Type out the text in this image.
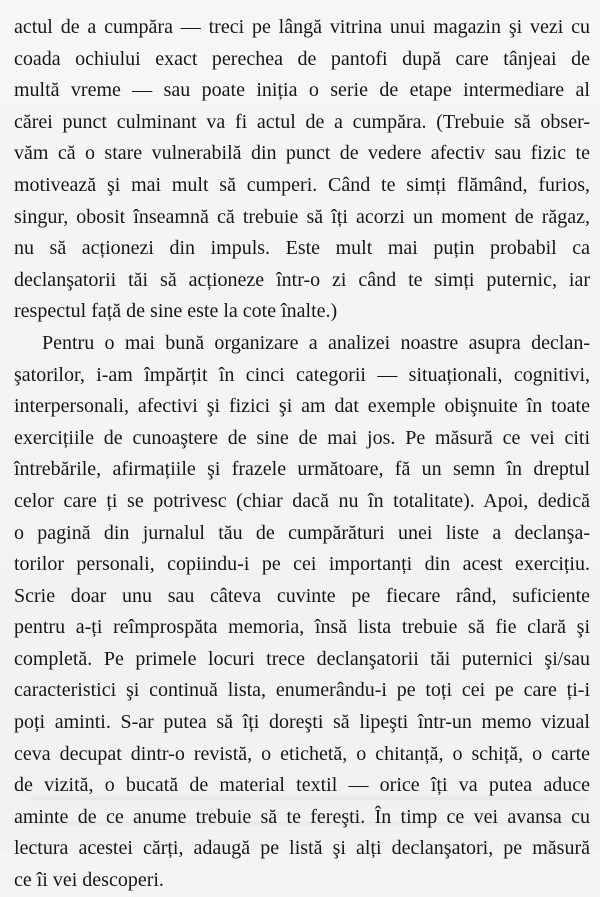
actul de a cumpăra — treci pe lângă vitrina unui magazin şi vezi cu
coada ochiului exact perechea de pantofi după care tânjeai de
multă vreme — sau poate iniția o serie de etape intermediare al
cărei punct culminant va fi actul de a cumpăra. (Trebuie să obser-
văm că o stare vulnerabilă din punct de vedere afectiv sau fizic te
motivează şi mai mult să cumperi. Când te simți flămând, furios,
singur, obosit înseamnă că trebuie să îți acorzi un moment de răgaz,
nu să acționezi din impuls. Este mult mai puțin probabil ca
declanşatorii tăi să acționeze într-o zi când te simți puternic, iar
respectul față de sine este la cote înalte.)
Pentru o mai bună organizare a analizei noastre asupra declan-
şatorilor, i-am împărțit în cinci categorii — situaționali, cognitivi,
interpersonali, afectivi şi fizici şi am dat exemple obişnuite în toate
exercițiile de cunoaştere de sine de mai jos. Pe măsură ce vei citi
întrebările, afirmațiile şi frazele următoare, fă un semn în dreptul
celor care ți se potrivesc (chiar dacă nu în totalitate). Apoi, dedică
o pagină din jurnalul tău de cumpărături unei liste a declanşa-
torilor personali, copiindu-i pe cei importanți din acest exercițiu.
Scrie doar unu sau câteva cuvinte pe fiecare rând, suficiente
pentru a-ți reîmprospăta memoria, însă lista trebuie să fie clară şi
completă. Pe primele locuri trece declanşatorii tăi puternici şi/sau
caracteristici şi continuă lista, enumerându-i pe toți cei pe care ți-i
poți aminti. S-ar putea să îți doreşti să lipeşti într-un memo vizual
ceva decupat dintr-o revistă, o etichetă, o chitanță, o schiță, o carte
de vizită, o bucată de material textil — orice îți va putea aduce
aminte de ce anume trebuie să te fereşti. În timp ce vei avansa cu
lectura acestei cărți, adaugă pe listă şi alți declanşatori, pe măsură
ce îi vei descoperi.
